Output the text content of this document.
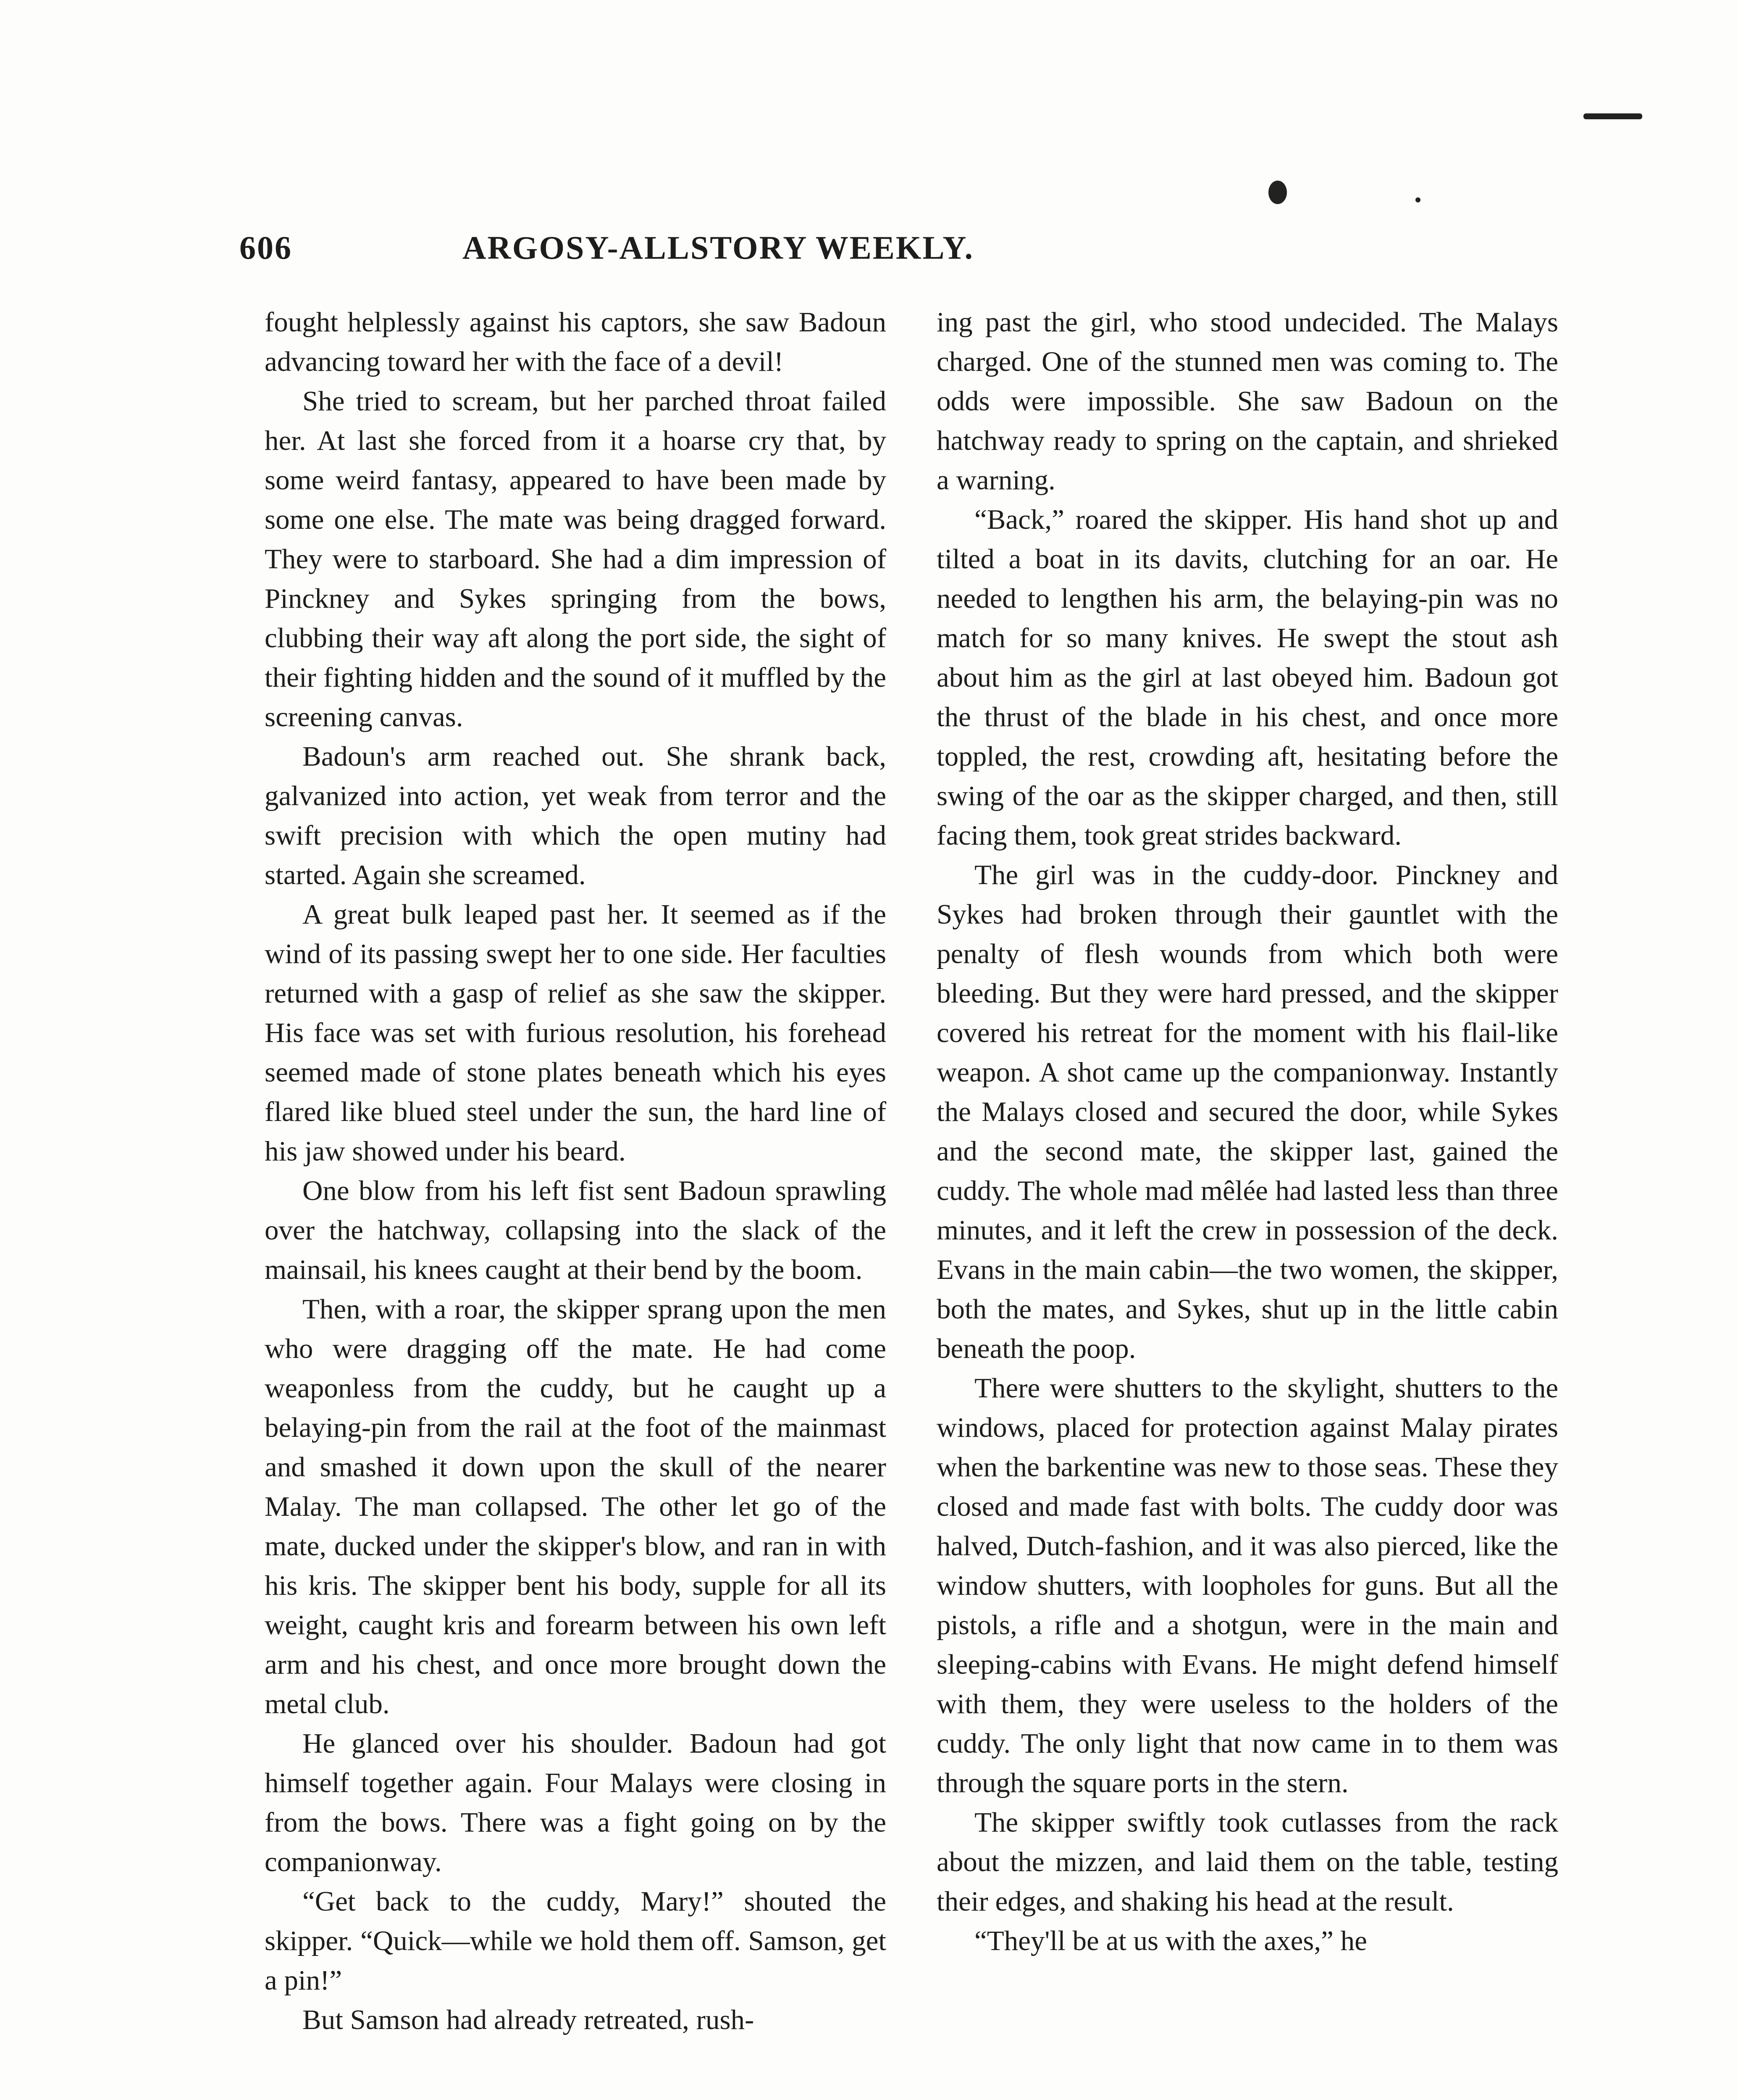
606	ARGOSY-ALLSTORY WEEKLY.

fought helplessly against his captors, she saw Badoun advancing toward her with the face of a devil!

She tried to scream, but her parched throat failed her. At last she forced from it a hoarse cry that, by some weird fantasy, appeared to have been made by some one else. The mate was being dragged forward. They were to starboard. She had a dim impression of Pinckney and Sykes springing from the bows, clubbing their way aft along the port side, the sight of their fighting hidden and the sound of it muffled by the screening canvas.

Badoun's arm reached out. She shrank back, galvanized into action, yet weak from terror and the swift precision with which the open mutiny had started. Again she screamed.

A great bulk leaped past her. It seemed as if the wind of its passing swept her to one side. Her faculties returned with a gasp of relief as she saw the skipper. His face was set with furious resolution, his forehead seemed made of stone plates beneath which his eyes flared like blued steel under the sun, the hard line of his jaw showed under his beard.

One blow from his left fist sent Badoun sprawling over the hatchway, collapsing into the slack of the mainsail, his knees caught at their bend by the boom.

Then, with a roar, the skipper sprang upon the men who were dragging off the mate. He had come weaponless from the cuddy, but he caught up a belaying-pin from the rail at the foot of the mainmast and smashed it down upon the skull of the nearer Malay. The man collapsed. The other let go of the mate, ducked under the skipper's blow, and ran in with his kris. The skipper bent his body, supple for all its weight, caught kris and forearm between his own left arm and his chest, and once more brought down the metal club.

He glanced over his shoulder. Badoun had got himself together again. Four Malays were closing in from the bows. There was a fight going on by the companionway.

“Get back to the cuddy, Mary!” shouted the skipper. “Quick—while we hold them off. Samson, get a pin!”

But Samson had already retreated, rush-

ing past the girl, who stood undecided. The Malays charged. One of the stunned men was coming to. The odds were impossible. She saw Badoun on the hatchway ready to spring on the captain, and shrieked a warning.

“Back,” roared the skipper. His hand shot up and tilted a boat in its davits, clutching for an oar. He needed to lengthen his arm, the belaying-pin was no match for so many knives. He swept the stout ash about him as the girl at last obeyed him. Badoun got the thrust of the blade in his chest, and once more toppled, the rest, crowding aft, hesitating before the swing of the oar as the skipper charged, and then, still facing them, took great strides backward.

The girl was in the cuddy-door. Pinckney and Sykes had broken through their gauntlet with the penalty of flesh wounds from which both were bleeding. But they were hard pressed, and the skipper covered his retreat for the moment with his flail-like weapon. A shot came up the companionway. Instantly the Malays closed and secured the door, while Sykes and the second mate, the skipper last, gained the cuddy. The whole mad mêlée had lasted less than three minutes, and it left the crew in possession of the deck. Evans in the main cabin—the two women, the skipper, both the mates, and Sykes, shut up in the little cabin beneath the poop.

There were shutters to the skylight, shutters to the windows, placed for protection against Malay pirates when the barkentine was new to those seas. These they closed and made fast with bolts. The cuddy door was halved, Dutch-fashion, and it was also pierced, like the window shutters, with loopholes for guns. But all the pistols, a rifle and a shotgun, were in the main and sleeping-cabins with Evans. He might defend himself with them, they were useless to the holders of the cuddy. The only light that now came in to them was through the square ports in the stern.

The skipper swiftly took cutlasses from the rack about the mizzen, and laid them on the table, testing their edges, and shaking his head at the result.

“They'll be at us with the axes,” he
